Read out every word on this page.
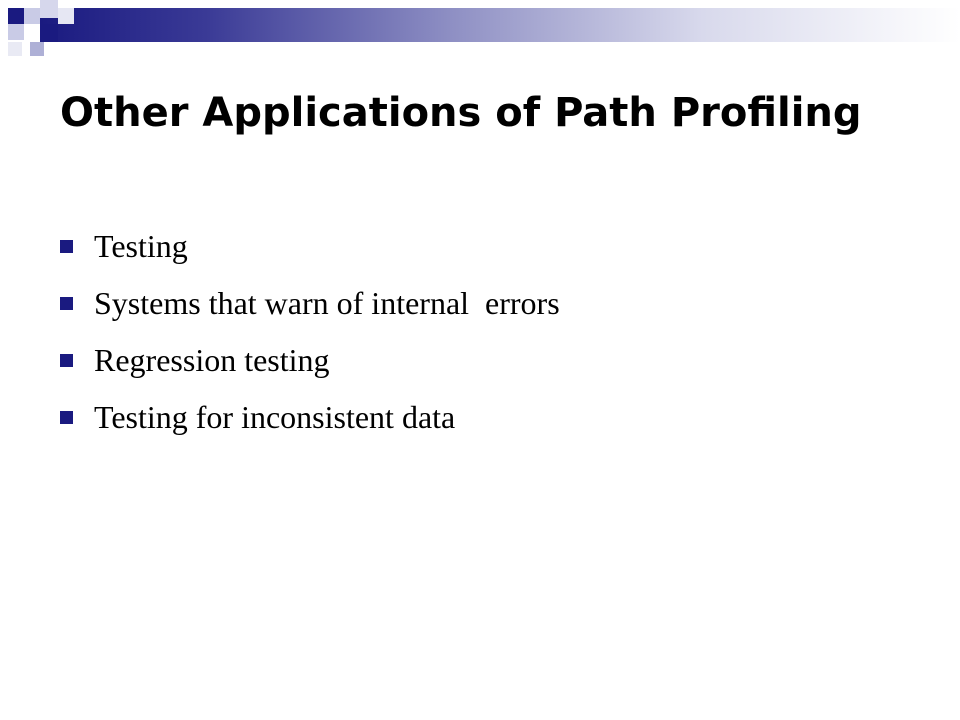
Other Applications of Path Profiling
Testing
Systems that warn of internal  errors
Regression testing
Testing for inconsistent data
